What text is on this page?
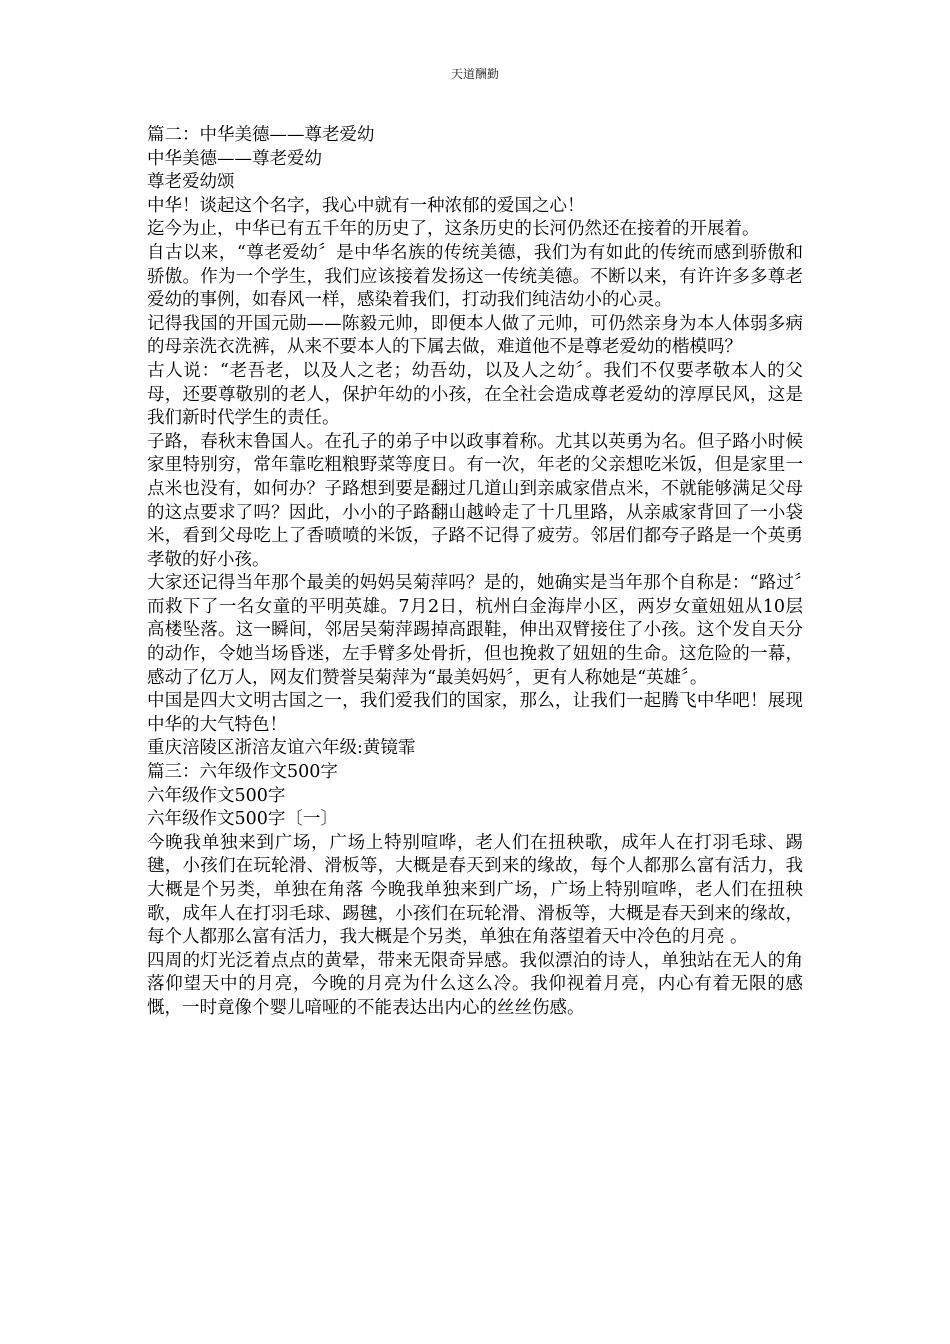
天道酬勤

篇二：中华美德——尊老爱幼

中华美德——尊老爱幼

尊老爱幼颂

中华！谈起这个名字，我心中就有一种浓郁的爱国之心！

迄今为止，中华已有五千年的历史了，这条历史的长河仍然还在接着的开展着。

自古以来，“尊老爱幼〞是中华名族的传统美德，我们为有如此的传统而感到骄傲和骄傲。作为一个学生，我们应该接着发扬这一传统美德。不断以来，有许许多多尊老爱幼的事例，如春风一样，感染着我们，打动我们纯洁幼小的心灵。

记得我国的开国元勋——陈毅元帅，即便本人做了元帅，可仍然亲身为本人体弱多病的母亲洗衣洗裤，从来不要本人的下属去做，难道他不是尊老爱幼的楷模吗？

古人说：“老吾老，以及人之老；幼吾幼，以及人之幼〞。我们不仅要孝敬本人的父母，还要尊敬别的老人，保护年幼的小孩，在全社会造成尊老爱幼的淳厚民风，这是我们新时代学生的责任。

子路，春秋末鲁国人。在孔子的弟子中以政事着称。尤其以英勇为名。但子路小时候家里特别穷，常年靠吃粗粮野菜等度日。有一次，年老的父亲想吃米饭，但是家里一点米也没有，如何办？子路想到要是翻过几道山到亲戚家借点米，不就能够满足父母的这点要求了吗？因此，小小的子路翻山越岭走了十几里路，从亲戚家背回了一小袋米，看到父母吃上了香喷喷的米饭，子路不记得了疲劳。邻居们都夸子路是一个英勇孝敬的好小孩。

大家还记得当年那个最美的妈妈吴菊萍吗？是的，她确实是当年那个自称是：“路过〞而救下了一名女童的平明英雄。7月2日，杭州白金海岸小区，两岁女童妞妞从10层高楼坠落。这一瞬间，邻居吴菊萍踢掉高跟鞋，伸出双臂接住了小孩。这个发自天分的动作，令她当场昏迷，左手臂多处骨折，但也挽救了妞妞的生命。这危险的一幕，感动了亿万人，网友们赞誉吴菊萍为“最美妈妈〞，更有人称她是“英雄〞。

中国是四大文明古国之一，我们爱我们的国家，那么，让我们一起腾飞中华吧！展现中华的大气特色！

重庆涪陵区浙涪友谊六年级:黄镜霏

篇三：六年级作文500字

六年级作文500字

六年级作文500字〔一〕

今晚我单独来到广场，广场上特别喧哗，老人们在扭秧歌，成年人在打羽毛球、踢毽，小孩们在玩轮滑、滑板等，大概是春天到来的缘故，每个人都那么富有活力，我大概是个另类，单独在角落 今晚我单独来到广场，广场上特别喧哗，老人们在扭秧歌，成年人在打羽毛球、踢毽，小孩们在玩轮滑、滑板等，大概是春天到来的缘故，每个人都那么富有活力，我大概是个另类，单独在角落望着天中冷色的月亮 。

四周的灯光泛着点点的黄晕，带来无限奇异感。我似漂泊的诗人，单独站在无人的角落仰望天中的月亮，今晚的月亮为什么这么冷。我仰视着月亮，内心有着无限的感慨，一时竟像个婴儿喑哑的不能表达出内心的丝丝伤感。
